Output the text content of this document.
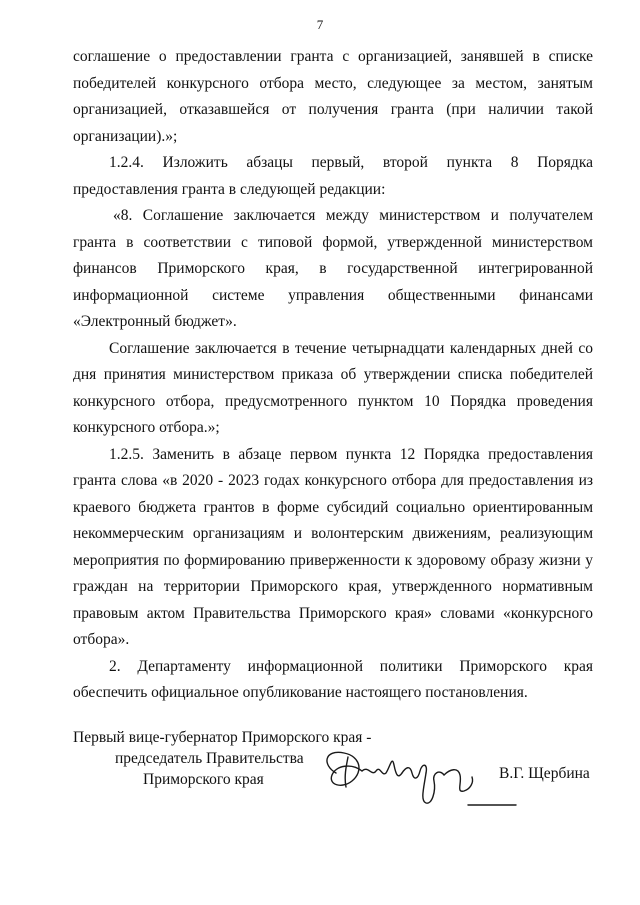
7

соглашение о предоставлении гранта с организацией, занявшей в списке победителей конкурсного отбора место, следующее за местом, занятым организацией, отказавшейся от получения гранта (при наличии такой организации).»;

1.2.4. Изложить абзацы первый, второй пункта 8 Порядка предоставления гранта в следующей редакции:

«8. Соглашение заключается между министерством и получателем гранта в соответствии с типовой формой, утвержденной министерством финансов Приморского края, в государственной интегрированной информационной системе управления общественными финансами «Электронный бюджет».

Соглашение заключается в течение четырнадцати календарных дней со дня принятия министерством приказа об утверждении списка победителей конкурсного отбора, предусмотренного пунктом 10 Порядка проведения конкурсного отбора.»;

1.2.5. Заменить в абзаце первом пункта 12 Порядка предоставления гранта слова «в 2020 - 2023 годах конкурсного отбора для предоставления из краевого бюджета грантов в форме субсидий социально ориентированным некоммерческим организациям и волонтерским движениям, реализующим мероприятия по формированию приверженности к здоровому образу жизни у граждан на территории Приморского края, утвержденного нормативным правовым актом Правительства Приморского края» словами «конкурсного отбора».

2. Департаменту информационной политики Приморского края обеспечить официальное опубликование настоящего постановления.

Первый вице-губернатор Приморского края -
председатель Правительства
Приморского края	В.Г. Щербина
